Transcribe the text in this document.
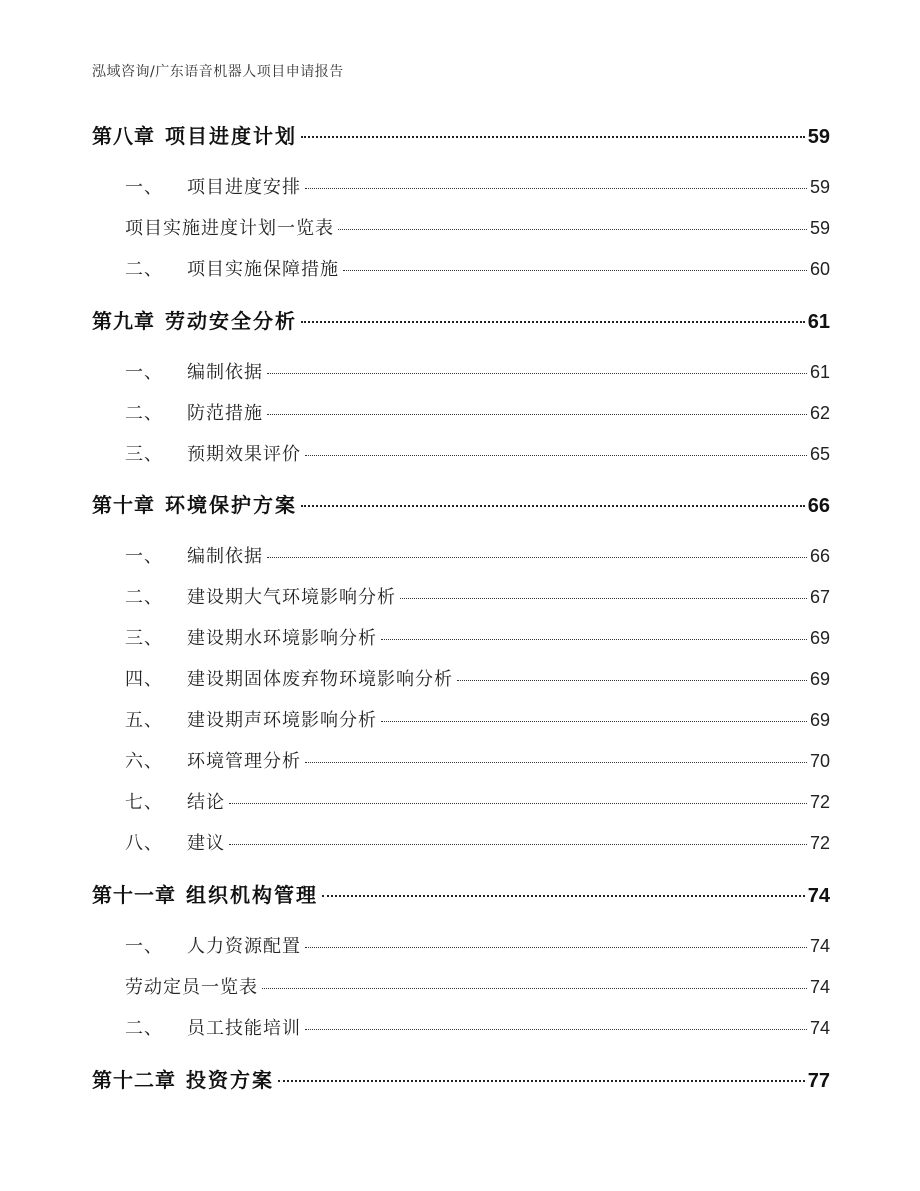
泓域咨询/广东语音机器人项目申请报告
第八章 项目进度计划	59
一、 项目进度安排	59
项目实施进度计划一览表	59
二、 项目实施保障措施	60
第九章 劳动安全分析	61
一、 编制依据	61
二、 防范措施	62
三、 预期效果评价	65
第十章 环境保护方案	66
一、 编制依据	66
二、 建设期大气环境影响分析	67
三、 建设期水环境影响分析	69
四、 建设期固体废弃物环境影响分析	69
五、 建设期声环境影响分析	69
六、 环境管理分析	70
七、 结论	72
八、 建议	72
第十一章 组织机构管理	74
一、 人力资源配置	74
劳动定员一览表	74
二、 员工技能培训	74
第十二章 投资方案	77
